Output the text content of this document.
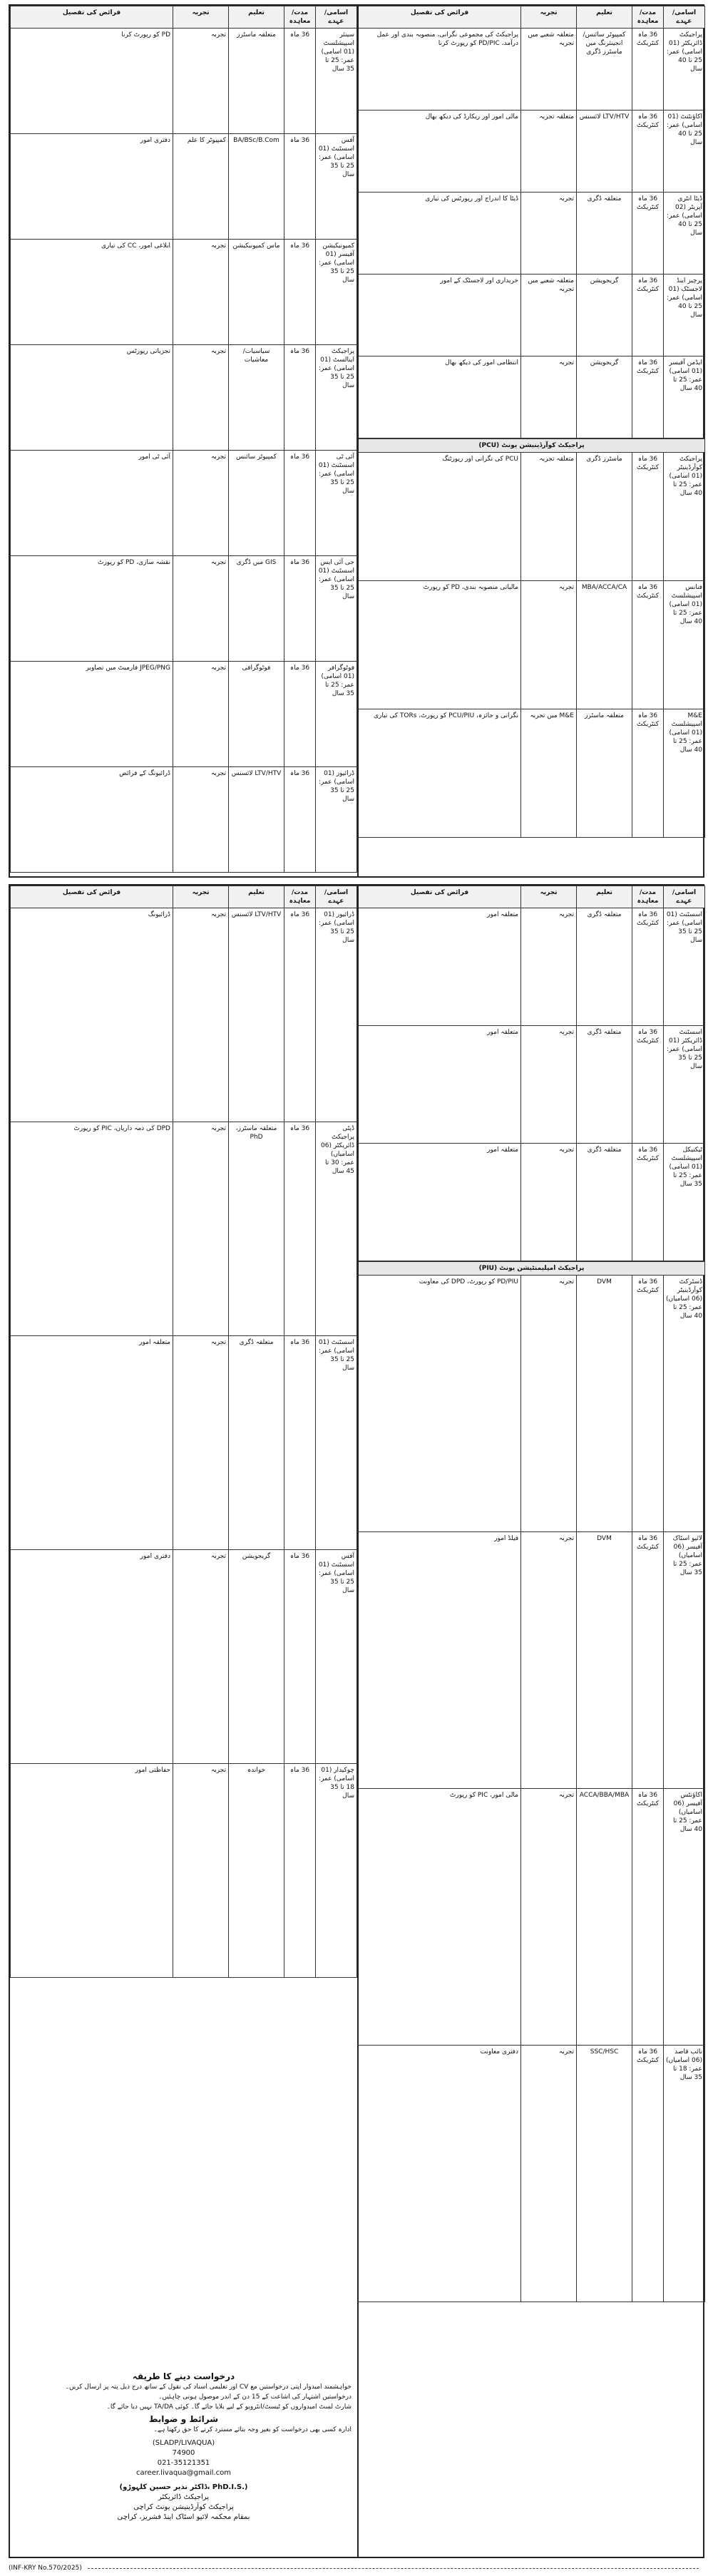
اسامی/عہدے	مدت/معاہدہ	تعلیم	تجربہ	فرائض کی تفصیل
پراجیکٹ ڈائریکٹر (01 اسامی) عمر: 25 تا 40 سال	36 ماہ کنٹریکٹ	کمپیوٹر سائنس/ انجینئرنگ میں ماسٹرز ڈگری	متعلقہ شعبے میں تجربہ	پراجیکٹ کی مجموعی نگرانی، منصوبہ بندی اور عمل درآمد، PD/PIC کو رپورٹ کرنا
اکاؤنٹنٹ (01 اسامی) عمر: 25 تا 40 سال	36 ماہ کنٹریکٹ	LTV/HTV لائسنس	متعلقہ تجربہ	مالی امور اور ریکارڈ کی دیکھ بھال
ڈیٹا انٹری آپریٹر (02 اسامی) عمر: 25 تا 40 سال	36 ماہ کنٹریکٹ	متعلقہ ڈگری	تجربہ	ڈیٹا کا اندراج اور رپورٹس کی تیاری
پرچیز اینڈ لاجسٹک (01 اسامی) عمر: 25 تا 40 سال	36 ماہ کنٹریکٹ	گریجویشن	متعلقہ شعبے میں تجربہ	خریداری اور لاجسٹک کے امور
ایڈمن آفیسر (01 اسامی) عمر: 25 تا 40 سال	36 ماہ کنٹریکٹ	گریجویشن	تجربہ	انتظامی امور کی دیکھ بھال
پراجیکٹ کوآرڈینیشن یونٹ (PCU)				
پراجیکٹ کوآرڈینیٹر (01 اسامی) عمر: 25 تا 40 سال	36 ماہ کنٹریکٹ	ماسٹرز ڈگری	متعلقہ تجربہ	PCU کی نگرانی اور رپورٹنگ
فنانس اسپیشلسٹ (01 اسامی) عمر: 25 تا 40 سال	36 ماہ کنٹریکٹ	MBA/ACCA/CA	تجربہ	مالیاتی منصوبہ بندی، PD کو رپورٹ
M&E اسپیشلسٹ (01 اسامی) عمر: 25 تا 40 سال	36 ماہ کنٹریکٹ	متعلقہ ماسٹرز	M&E میں تجربہ	نگرانی و جائزہ، PCU/PIU کو رپورٹ، TORs کی تیاری
اسامی/عہدے	مدت/معاہدہ	تعلیم	تجربہ	فرائض کی تفصیل
سینئر اسپیشلسٹ (01 اسامی) عمر: 25 تا 35 سال	36 ماہ	متعلقہ ماسٹرز	تجربہ	PD کو رپورٹ کرنا
آفس اسسٹنٹ (01 اسامی) عمر: 25 تا 35 سال	36 ماہ	BA/BSc/B.Com	کمپیوٹر کا علم	دفتری امور
کمیونیکیشن آفیسر (01 اسامی) عمر: 25 تا 35 سال	36 ماہ	ماس کمیونیکیشن	تجربہ	ابلاغی امور، CC کی تیاری
پراجیکٹ اینالسٹ (01 اسامی) عمر: 25 تا 35 سال	36 ماہ	سیاسیات/ معاشیات	تجربہ	تجزیاتی رپورٹس
آئی ٹی اسسٹنٹ (01 اسامی) عمر: 25 تا 35 سال	36 ماہ	کمپیوٹر سائنس	تجربہ	آئی ٹی امور
جی آئی ایس اسسٹنٹ (01 اسامی) عمر: 25 تا 35 سال	36 ماہ	GIS میں ڈگری	تجربہ	نقشہ سازی، PD کو رپورٹ
فوٹوگرافر (01 اسامی) عمر: 25 تا 35 سال	36 ماہ	فوٹوگرافی	تجربہ	JPEG/PNG فارمیٹ میں تصاویر
ڈرائیور (01 اسامی) عمر: 25 تا 35 سال	36 ماہ	LTV/HTV لائسنس	تجربہ	ڈرائیونگ کے فرائض
اسامی/عہدے	مدت/معاہدہ	تعلیم	تجربہ	فرائض کی تفصیل
اسسٹنٹ (01 اسامی) عمر: 25 تا 35 سال	36 ماہ کنٹریکٹ	متعلقہ ڈگری	تجربہ	متعلقہ امور
اسسٹنٹ ڈائریکٹر (01 اسامی) عمر: 25 تا 35 سال	36 ماہ کنٹریکٹ	متعلقہ ڈگری	تجربہ	متعلقہ امور
ٹیکنیکل اسپیشلسٹ (01 اسامی) عمر: 25 تا 35 سال	36 ماہ کنٹریکٹ	متعلقہ ڈگری	تجربہ	متعلقہ امور
پراجیکٹ امپلیمنٹیشن یونٹ (PIU)				
ڈسٹرکٹ کوآرڈینیٹر (06 اسامیاں) عمر: 25 تا 40 سال	36 ماہ کنٹریکٹ	DVM	تجربہ	PD/PIU کو رپورٹ، DPD کی معاونت
لائیو اسٹاک آفیسر (06 اسامیاں) عمر: 25 تا 35 سال	36 ماہ کنٹریکٹ	DVM	تجربہ	فیلڈ امور
اکاؤنٹس آفیسر (06 اسامیاں) عمر: 25 تا 40 سال	36 ماہ کنٹریکٹ	ACCA/BBA/MBA	تجربہ	مالی امور، PIC کو رپورٹ
نائب قاصد (06 اسامیاں) عمر: 18 تا 35 سال	36 ماہ کنٹریکٹ	SSC/HSC	تجربہ	دفتری معاونت
اسامی/عہدے	مدت/معاہدہ	تعلیم	تجربہ	فرائض کی تفصیل
ڈرائیور (01 اسامی) عمر: 25 تا 35 سال	36 ماہ	LTV/HTV لائسنس	تجربہ	ڈرائیونگ
ڈپٹی پراجیکٹ ڈائریکٹر (06 اسامیاں) عمر: 30 تا 45 سال	36 ماہ	متعلقہ ماسٹرز، PhD	تجربہ	DPD کی ذمہ داریاں، PIC کو رپورٹ
اسسٹنٹ (01 اسامی) عمر: 25 تا 35 سال	36 ماہ	متعلقہ ڈگری	تجربہ	متعلقہ امور
آفس اسسٹنٹ (01 اسامی) عمر: 25 تا 35 سال	36 ماہ	گریجویشن	تجربہ	دفتری امور
چوکیدار (01 اسامی) عمر: 18 تا 35 سال	36 ماہ	خواندہ	تجربہ	حفاظتی امور
درخواست دینے کا طریقہ

خواہشمند امیدوار اپنی درخواستیں مع CV اور تعلیمی اسناد کی نقول کے ساتھ درج ذیل پتہ پر ارسال کریں۔

درخواستیں اشتہار کی اشاعت کے 15 دن کے اندر موصول ہونی چاہئیں۔

شارٹ لسٹ امیدواروں کو ٹیسٹ/انٹرویو کے لیے بلایا جائے گا۔ کوئی TA/DA نہیں دیا جائے گا۔

شرائط و ضوابط

ادارہ کسی بھی درخواست کو بغیر وجہ بتائے مسترد کرنے کا حق رکھتا ہے۔

(SLADP/LIVAQUA)
74900
021-35121351
career.livaqua@gmail.com
(ڈاکٹر نذیر حسین کلہوڑو، PhD.I.S.)
پراجیکٹ ڈائریکٹر
پراجیکٹ کوآرڈینیشن یونٹ کراچی
بمقام محکمہ لائیو اسٹاک اینڈ فشریز، کراچی
(INF-KRY No.570/2025)
